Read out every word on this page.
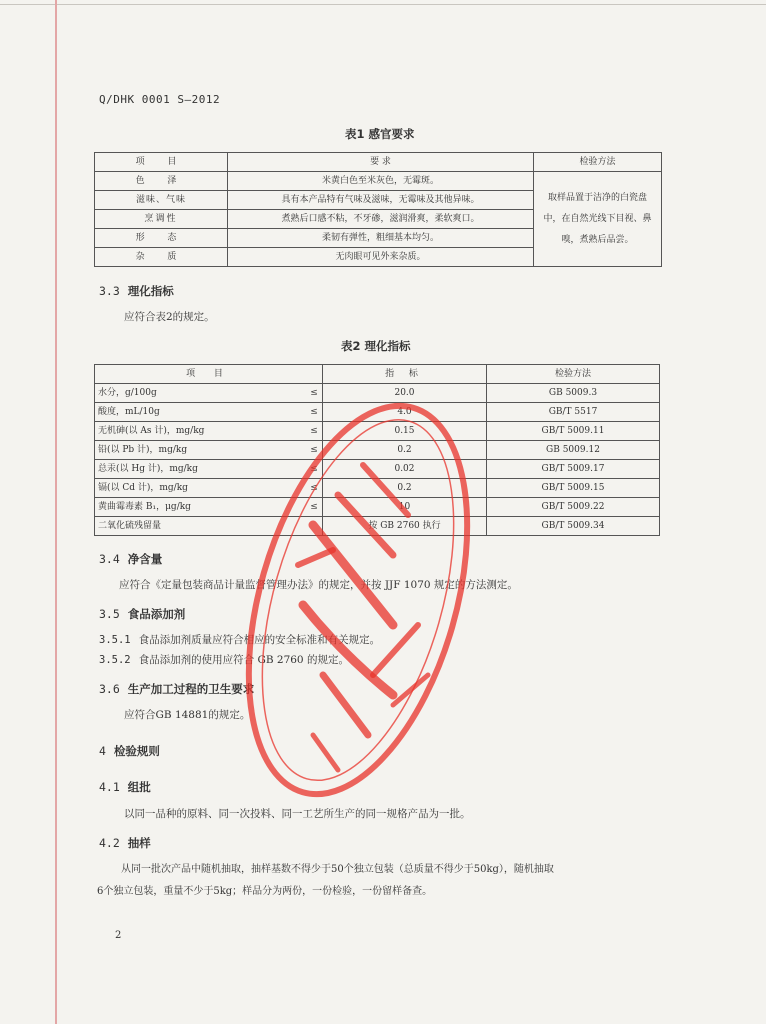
Q/DHK 0001 S—2012
表1 感官要求
项 目	要 求	检验方法
色 泽	米黄白色至米灰色，无霉斑。	取样品置于洁净的白瓷盘中，在自然光线下目视、鼻嗅，煮熟后品尝。
滋味、气味	具有本产品特有气味及滋味，无霉味及其他异味。	
烹调性	煮熟后口感不粘，不牙碜，滋润滑爽，柔软爽口。	
形 态	柔韧有弹性，粗细基本均匀。	
杂 质	无肉眼可见外来杂质。	
3.3 理化指标
应符合表2的规定。
表2 理化指标
项 目		指 标	检验方法
水分，g/100g	≤	20.0	GB 5009.3
酸度，mL/10g	≤	4.0	GB/T 5517
无机砷(以 As 计)，mg/kg	≤	0.15	GB/T 5009.11
铅(以 Pb 计)，mg/kg	≤	0.2	GB 5009.12
总汞(以 Hg 计)，mg/kg	≤	0.02	GB/T 5009.17
镉(以 Cd 计)，mg/kg	≤	0.2	GB/T 5009.15
黄曲霉毒素 B₁，μg/kg	≤	10	GB/T 5009.22
二氧化硫残留量		按 GB 2760 执行	GB/T 5009.34
3.4 净含量
应符合《定量包装商品计量监督管理办法》的规定，并按 JJF 1070 规定的方法测定。
3.5 食品添加剂
3.5.1 食品添加剂质量应符合相应的安全标准和有关规定。
3.5.2 食品添加剂的使用应符合 GB 2760 的规定。
3.6 生产加工过程的卫生要求
应符合GB 14881的规定。
4 检验规则
4.1 组批
以同一品种的原料、同一次投料、同一工艺所生产的同一规格产品为一批。
4.2 抽样
从同一批次产品中随机抽取，抽样基数不得少于50个独立包装（总质量不得少于50kg），随机抽取
6个独立包装，重量不少于5kg；样品分为两份，一份检验，一份留样备查。
2
